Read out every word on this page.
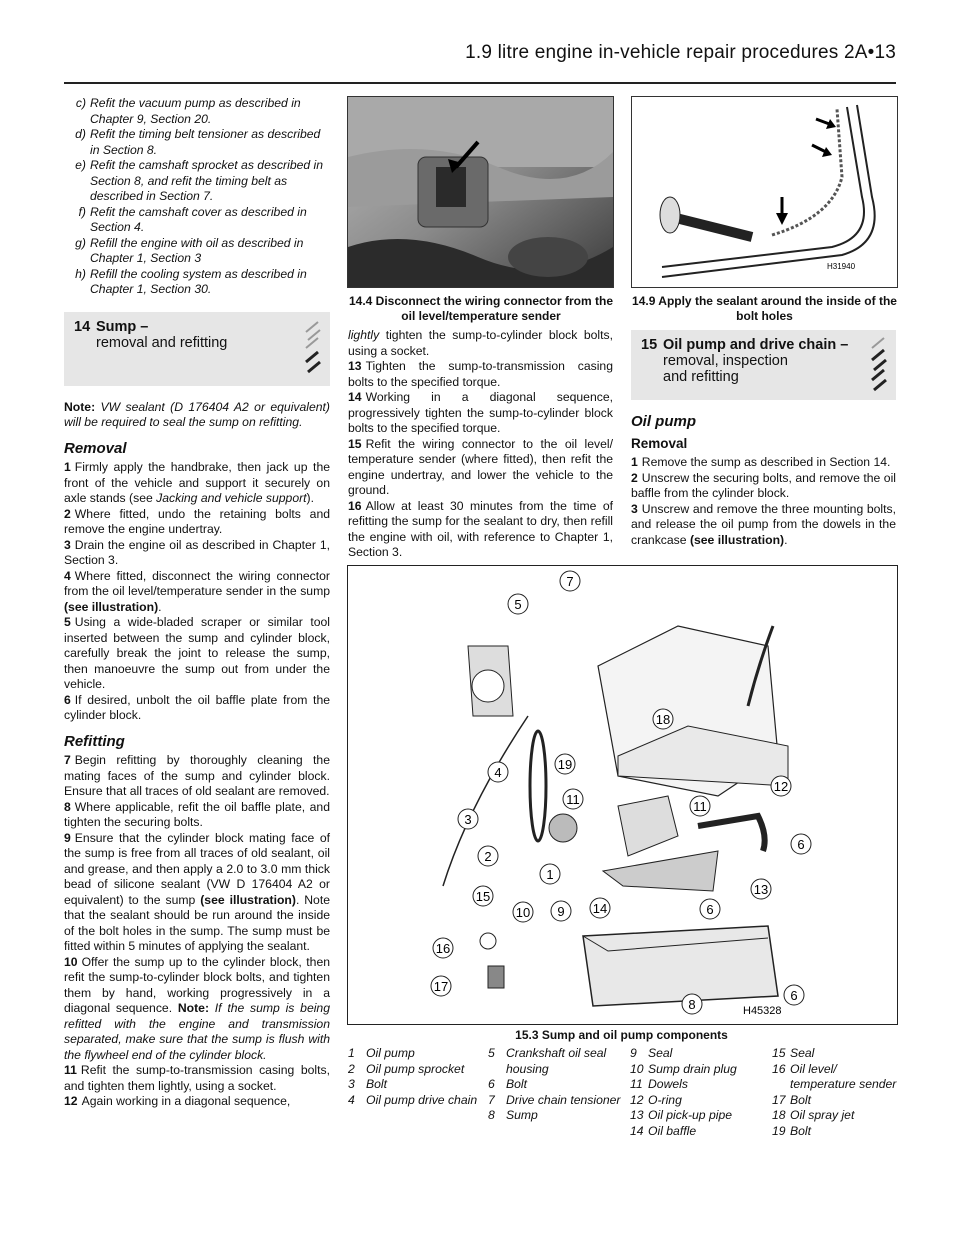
1.9 litre engine in-vehicle repair procedures 2A•13
c) Refit the vacuum pump as described in Chapter 9, Section 20.
d) Refit the timing belt tensioner as described in Section 8.
e) Refit the camshaft sprocket as described in Section 8, and refit the timing belt as described in Section 7.
f) Refit the camshaft cover as described in Section 4.
g) Refill the engine with oil as described in Chapter 1, Section 3
h) Refill the cooling system as described in Chapter 1, Section 30.
14 Sump –
removal and refitting

Note: VW sealant (D 176404 A2 or equivalent) will be required to seal the sump on refitting.

Removal

1 Firmly apply the handbrake, then jack up the front of the vehicle and support it securely on axle stands (see Jacking and vehicle support).

2 Where fitted, undo the retaining bolts and remove the engine undertray.

3 Drain the engine oil as described in Chapter 1, Section 3.

4 Where fitted, disconnect the wiring connector from the oil level/temperature sender in the sump (see illustration).

5 Using a wide-bladed scraper or similar tool inserted between the sump and cylinder block, carefully break the joint to release the sump, then manoeuvre the sump out from under the vehicle.

6 If desired, unbolt the oil baffle plate from the cylinder block.

Refitting

7 Begin refitting by thoroughly cleaning the mating faces of the sump and cylinder block. Ensure that all traces of old sealant are removed.

8 Where applicable, refit the oil baffle plate, and tighten the securing bolts.

9 Ensure that the cylinder block mating face of the sump is free from all traces of old sealant, oil and grease, and then apply a 2.0 to 3.0 mm thick bead of silicone sealant (VW D 176404 A2 or equivalent) to the sump (see illustration). Note that the sealant should be run around the inside of the bolt holes in the sump. The sump must be fitted within 5 minutes of applying the sealant.

10 Offer the sump up to the cylinder block, then refit the sump-to-cylinder block bolts, and tighten them by hand, working progressively in a diagonal sequence. Note: If the sump is being refitted with the engine and transmission separated, make sure that the sump is flush with the flywheel end of the cylinder block.

11 Refit the sump-to-transmission casing bolts, and tighten them lightly, using a socket.

12 Again working in a diagonal sequence,

14.4 Disconnect the wiring connector from the oil level/temperature sender

lightly tighten the sump-to-cylinder block bolts, using a socket.

13 Tighten the sump-to-transmission casing bolts to the specified torque.

14 Working in a diagonal sequence, progressively tighten the sump-to-cylinder block bolts to the specified torque.

15 Refit the wiring connector to the oil level/ temperature sender (where fitted), then refit the engine undertray, and lower the vehicle to the ground.

16 Allow at least 30 minutes from the time of refitting the sump for the sealant to dry, then refill the engine with oil, with reference to Chapter 1, Section 3.

H31940
14.9 Apply the sealant around the inside of the bolt holes
15 Oil pump and drive chain –
removal, inspection
and refitting
Oil pump
Removal

1 Remove the sump as described in Section 14.

2 Unscrew the securing bolts, and remove the oil baffle from the cylinder block.

3 Unscrew and remove the three mounting bolts, and release the oil pump from the dowels in the crankcase (see illustration).

7
5
18
4
19
11	11
12
3
2
1
6
13
15
10 9 14	6
16
17
8
6
H45328
15.3 Sump and oil pump components
1 Oil pump
2 Oil pump sprocket
3 Bolt
4 Oil pump drive chain
5 Crankshaft oil seal housing
6 Bolt
7 Drive chain tensioner
8 Sump
9 Seal
10 Sump drain plug
11 Dowels
12 O-ring
13 Oil pick-up pipe
14 Oil baffle
15 Seal
16 Oil level/ temperature sender
17 Bolt
18 Oil spray jet
19 Bolt
